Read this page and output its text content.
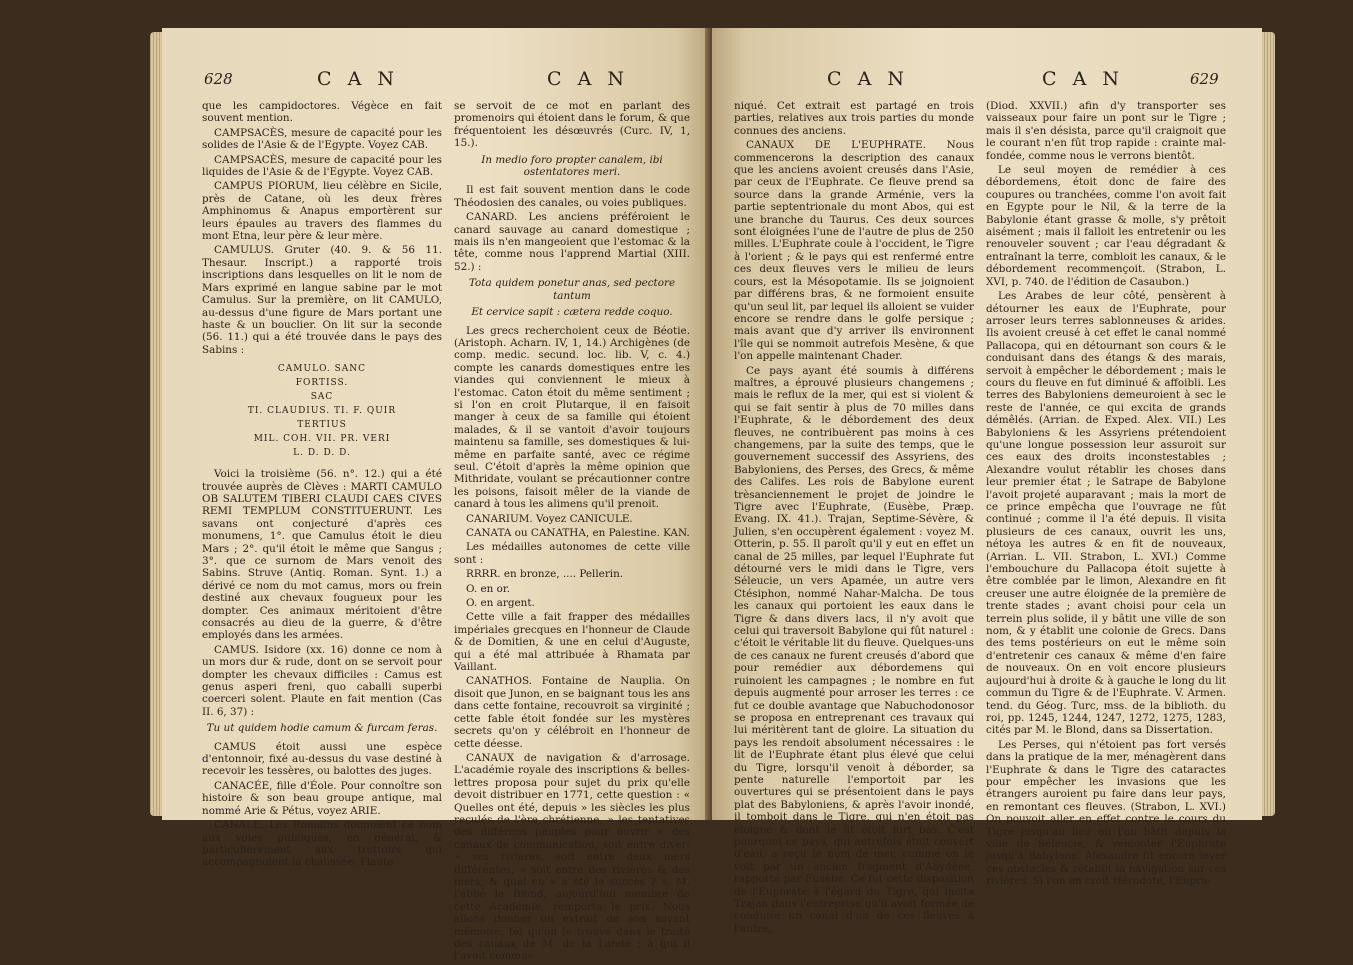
628	C A N	C A N

que les campidoctores. Végèce en fait souvent mention.

CAMPSACÈS, mesure de capacité pour les solides de l'Asie & de l'Egypte. Voyez CAB.

CAMPSACÈS, mesure de capacité pour les liquides de l'Asie & de l'Egypte. Voyez CAB.

CAMPUS PIORUM, lieu célèbre en Sicile, près de Catane, où les deux frères Amphinomus & Anapus emportèrent sur leurs épaules au travers des flammes du mont Etna, leur père & leur mère.

CAMULUS. Gruter (40. 9. & 56 11. Thesaur. Inscript.) a rapporté trois inscriptions dans lesquelles on lit le nom de Mars exprimé en langue sabine par le mot Camulus. Sur la première, on lit CAMULO, au-dessus d'une figure de Mars portant une haste & un bouclier. On lit sur la seconde (56. 11.) qui a été trouvée dans le pays des Sabins :

CAMULO. SANC
FORTISS.
SAC
TI. CLAUDIUS. TI. F. QUIR
TERTIUS
MIL. COH. VII. PR. VERI
L. D. D. D.

Voici la troisième (56. n°. 12.) qui a été trouvée auprès de Clèves : MARTI CAMULO OB SALUTEM TIBERI CLAUDI CAES CIVES REMI TEMPLUM CONSTITUERUNT. Les savans ont conjecturé d'après ces monumens, 1°. que Camulus étoit le dieu Mars ; 2°. qu'il étoit le même que Sangus ; 3°. que ce surnom de Mars venoit des Sabins. Struve (Antiq. Roman. Synt. 1.) a dérivé ce nom du mot camus, mors ou frein destiné aux chevaux fougueux pour les dompter. Ces animaux méritoient d'être consacrés au dieu de la guerre, & d'être employés dans les armées.

CAMUS. Isidore (xx. 16) donne ce nom à un mors dur & rude, dont on se servoit pour dompter les chevaux difficiles : Camus est genus asperi freni, quo caballi superbi coerceri solent. Plaute en fait mention (Cas II. 6, 37) :

Tu ut quidem hodie camum & furcam feras.

CAMUS étoit aussi une espèce d'entonnoir, fixé au-dessus du vase destiné à recevoir les tessères, ou balottes des juges.

CANACÉE, fille d'Éole. Pour connoître son histoire & son beau groupe antique, mal nommé Arie & Pétus, voyez ARIE.

CANALE. Les Romains donnoient ce nom aux voies publiques, en général, & particulièrement aux trottoirs qui accompagnoient la chaussée. Plaute

se servoit de ce mot en parlant des promenoirs qui étoient dans le forum, & que fréquentoient les désœuvrés (Curc. IV, 1, 15.).

In medio foro propter canalem, ibi ostentatores meri.

Il est fait souvent mention dans le code Théodosien des canales, ou voies publiques.

CANARD. Les anciens préféroient le canard sauvage au canard domestique ; mais ils n'en mangeoient que l'estomac & la tête, comme nous l'apprend Martial (XIII. 52.) :

Tota quidem ponetur anas, sed pectore tantum

Et cervice sapit : cætera redde coquo.

Les grecs recherchoient ceux de Béotie. (Aristoph. Acharn. IV, 1, 14.) Archigènes (de comp. medic. secund. loc. lib. V, c. 4.) compte les canards domestiques entre les viandes qui conviennent le mieux à l'estomac. Caton étoit du même sentiment ; si l'on en croit Plutarque, il en faisoit manger à ceux de sa famille qui étoient malades, & il se vantoit d'avoir toujours maintenu sa famille, ses domestiques & lui-même en parfaite santé, avec ce régime seul. C'étoit d'après la même opinion que Mithridate, voulant se précautionner contre les poisons, faisoit mêler de la viande de canard à tous les alimens qu'il prenoit.

CANARIUM. Voyez CANICULE.

CANATA ou CANATHA, en Palestine. KAN.

Les médailles autonomes de cette ville sont :

RRRR. en bronze, .... Pellerin.

O. en or.

O. en argent.

Cette ville a fait frapper des médailles impériales grecques en l'honneur de Claude & de Domitien, & une en celui d'Auguste, qui a été mal attribuée à Rhamata par Vaillant.

CANATHOS. Fontaine de Nauplia. On disoit que Junon, en se baignant tous les ans dans cette fontaine, recouvroit sa virginité ; cette fable étoit fondée sur les mystères secrets qu'on y célébroit en l'honneur de cette déesse.

CANAUX de navigation & d'arrosage. L'académie royale des inscriptions & belles-lettres proposa pour sujet du prix qu'elle devoit distribuer en 1771, cette question : « Quelles ont été, depuis » les siècles les plus reculés de l'ère chrétienne, » les tentatives des différens peuples pour ouvrir » des canaux de communication, soit entre diver- » ses rivières, soit entre deux mers différentes, » soit entre des rivières & des mers, & quel en » a été le succès ? ». M. l'abbé le Blond, aujourd'hui membre de cette Académie, remporta le prix. Nous allons donner un extrait de son savant mémoire, tel qu'on le trouve dans le traité des canaux de M. de la Lande ; à qui il l'avoit commu-

C A N	C A N	629

niqué. Cet extrait est partagé en trois parties, relatives aux trois parties du monde connues des anciens.

CANAUX DE L'EUPHRATE. Nous commencerons la description des canaux que les anciens avoient creusés dans l'Asie, par ceux de l'Euphrate. Ce fleuve prend sa source dans la grande Arménie, vers la partie septentrionale du mont Abos, qui est une branche du Taurus. Ces deux sources sont éloignées l'une de l'autre de plus de 250 milles. L'Euphrate coule à l'occident, le Tigre à l'orient ; & le pays qui est renfermé entre ces deux fleuves vers le milieu de leurs cours, est la Mésopotamie. Ils se joignoient par différens bras, & ne formoient ensuite qu'un seul lit, par lequel ils alloient se vuider encore se rendre dans le golfe persique ; mais avant que d'y arriver ils environnent l'île qui se nommoit autrefois Mesène, & que l'on appelle maintenant Chader.

Ce pays ayant été soumis à différens maîtres, a éprouvé plusieurs changemens ; mais le reflux de la mer, qui est si violent & qui se fait sentir à plus de 70 milles dans l'Euphrate, & le débordement des deux fleuves, ne contribuèrent pas moins à ces changemens, par la suite des temps, que le gouvernement successif des Assyriens, des Babyloniens, des Perses, des Grecs, & même des Califes. Les rois de Babylone eurent trèsanciennement le projet de joindre le Tigre avec l'Euphrate, (Eusèbe, Præp. Evang. IX. 41.). Trajan, Septime-Sévère, & Julien, s'en occupèrent également : voyez M. Otterin, p. 55. Il paroît qu'il y eut en effet un canal de 25 milles, par lequel l'Euphrate fut détourné vers le midi dans le Tigre, vers Séleucie, un vers Apamée, un autre vers Ctésiphon, nommé Nahar-Malcha. De tous les canaux qui portoient les eaux dans le Tigre & dans divers lacs, il n'y avoit que celui qui traversoit Babylone qui fût naturel : c'étoit le véritable lit du fleuve. Quelques-uns de ces canaux ne furent creusés d'abord que pour remédier aux débordemens qui ruinoient les campagnes ; le nombre en fut depuis augmenté pour arroser les terres : ce fut ce double avantage que Nabuchodonosor se proposa en entreprenant ces travaux qui lui méritèrent tant de gloire. La situation du pays les rendoit absolument nécessaires : le lit de l'Euphrate étant plus élevé que celui du Tigre, lorsqu'il venoit à déborder, sa pente naturelle l'emportoit par les ouvertures qui se présentoient dans le pays plat des Babyloniens, & après l'avoir inondé, il tomboit dans le Tigre, qui n'en étoit pas éloigné & dont le lit étoit fort bas. C'est pourquoi ce pays, qui autrefois étoit couvert d'eau, a reçu le nom de mer, comme on le voit par un ancien fragment d'Abydène, rapporté par Eusèbe. Ce fut cette disposition de l'Euphrate à l'égard du Tigre, qui incita Trajan dans l'entreprise qu'il avoit formée de conduire un canal d'un de ces fleuves à l'autre,

(Diod. XXVII.) afin d'y transporter ses vaisseaux pour faire un pont sur le Tigre ; mais il s'en désista, parce qu'il craignoit que le courant n'en fût trop rapide : crainte mal-fondée, comme nous le verrons bientôt.

Le seul moyen de remédier à ces débordemens, étoit donc de faire des coupures ou tranchées, comme l'on avoit fait en Egypte pour le Nil, & la terre de la Babylonie étant grasse & molle, s'y prêtoit aisément ; mais il falloit les entretenir ou les renouveler souvent ; car l'eau dégradant & entraînant la terre, combloit les canaux, & le débordement recommençoit. (Strabon, L. XVI, p. 740. de l'édition de Casaubon.)

Les Arabes de leur côté, pensèrent à détourner les eaux de l'Euphrate, pour arroser leurs terres sablonneuses & arides. Ils avoient creusé à cet effet le canal nommé Pallacopa, qui en détournant son cours & le conduisant dans des étangs & des marais, servoit à empêcher le débordement ; mais le cours du fleuve en fut diminué & affoibli. Les terres des Babyloniens demeuroient à sec le reste de l'année, ce qui excita de grands démêlés. (Arrian. de Exped. Alex. VII.) Les Babyloniens & les Assyriens prétendoient qu'une longue possession leur assuroit sur ces eaux des droits inconstestables ; Alexandre voulut rétablir les choses dans leur premier état ; le Satrape de Babylone l'avoit projeté auparavant ; mais la mort de ce prince empêcha que l'ouvrage ne fût continué ; comme il l'a été depuis. Il visita plusieurs de ces canaux, ouvrit les uns, nétoya les autres & en fit de nouveaux, (Arrian. L. VII. Strabon, L. XVI.) Comme l'embouchure du Pallacopa étoit sujette à être comblée par le limon, Alexandre en fit creuser une autre éloignée de la première de trente stades ; avant choisi pour cela un terrein plus solide, il y bâtit une ville de son nom, & y établit une colonie de Grecs. Dans des tems postérieurs on eut le même soin d'entretenir ces canaux & même d'en faire de nouveaux. On en voit encore plusieurs aujourd'hui à droite & à gauche le long du lit commun du Tigre & de l'Euphrate. V. Armen. tend. du Géog. Turc, mss. de la biblioth. du roi, pp. 1245, 1244, 1247, 1272, 1275, 1283, cités par M. le Blond, dans sa Dissertation.

Les Perses, qui n'étoient pas fort versés dans la pratique de la mer, ménagèrent dans l'Euphrate & dans le Tigre des cataractes pour empêcher les invasions que les étrangers auroient pu faire dans leur pays, en remontant ces fleuves. (Strabon, L. XVI.) On pouvoit aller en effet contre le cours du Tigre jusqu'au lieu où l'on bâtit depuis la ville de Séleucie, & remonter l'Euphrate jusqu'à Babylone. Alexandre fit encore lever ces obstacles & rétablit la navigation sur ces rivières. Si l'on en croit Hérodote, l'Eupra-
